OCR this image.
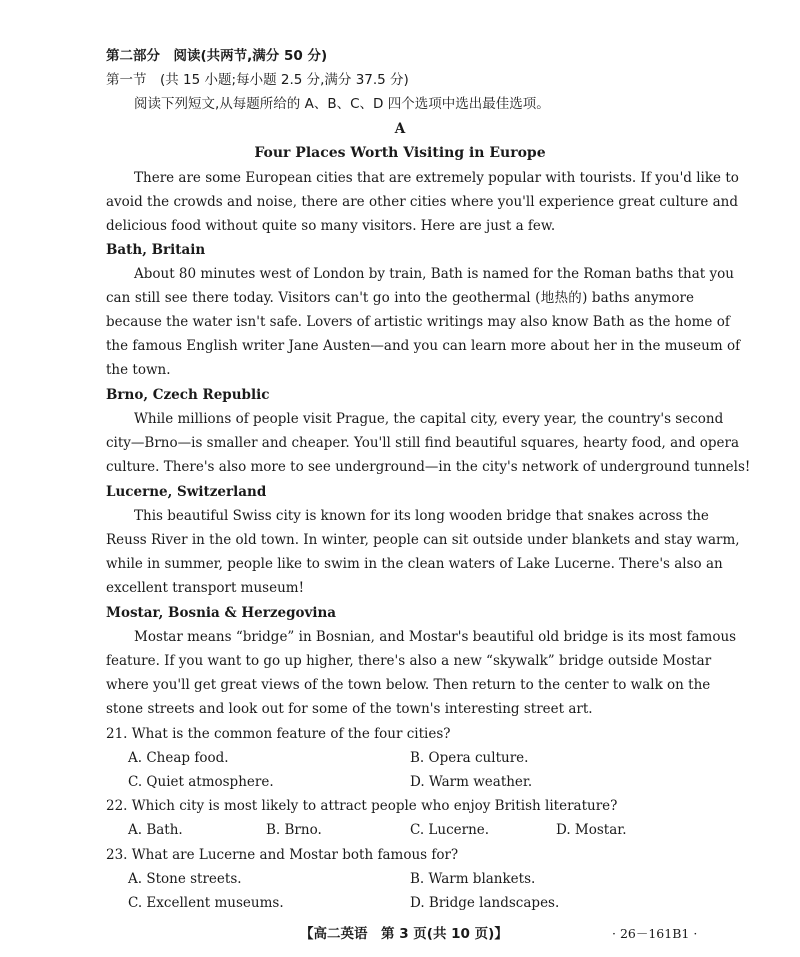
第二部分　阅读(共两节,满分 50 分)
第一节　(共 15 小题;每小题 2.5 分,满分 37.5 分)
阅读下列短文,从每题所给的 A、B、C、D 四个选项中选出最佳选项。
A
Four Places Worth Visiting in Europe
There are some European cities that are extremely popular with tourists. If you'd like to
avoid the crowds and noise, there are other cities where you'll experience great culture and
delicious food without quite so many visitors. Here are just a few.
Bath, Britain
About 80 minutes west of London by train, Bath is named for the Roman baths that you
can still see there today. Visitors can't go into the geothermal (地热的) baths anymore
because the water isn't safe. Lovers of artistic writings may also know Bath as the home of
the famous English writer Jane Austen—and you can learn more about her in the museum of
the town.
Brno, Czech Republic
While millions of people visit Prague, the capital city, every year, the country's second
city—Brno—is smaller and cheaper. You'll still find beautiful squares, hearty food, and opera
culture. There's also more to see underground—in the city's network of underground tunnels!
Lucerne, Switzerland
This beautiful Swiss city is known for its long wooden bridge that snakes across the
Reuss River in the old town. In winter, people can sit outside under blankets and stay warm,
while in summer, people like to swim in the clean waters of Lake Lucerne. There's also an
excellent transport museum!
Mostar, Bosnia & Herzegovina
Mostar means “bridge” in Bosnian, and Mostar's beautiful old bridge is its most famous
feature. If you want to go up higher, there's also a new “skywalk” bridge outside Mostar
where you'll get great views of the town below. Then return to the center to walk on the
stone streets and look out for some of the town's interesting street art.
21. What is the common feature of the four cities?
A. Cheap food.	B. Opera culture.
C. Quiet atmosphere.	D. Warm weather.
22. Which city is most likely to attract people who enjoy British literature?
A. Bath.	B. Brno.	C. Lucerne.	D. Mostar.
23. What are Lucerne and Mostar both famous for?
A. Stone streets.	B. Warm blankets.
C. Excellent museums.	D. Bridge landscapes.
【高二英语　第 3 页(共 10 页)】	· 26－161B1 ·
